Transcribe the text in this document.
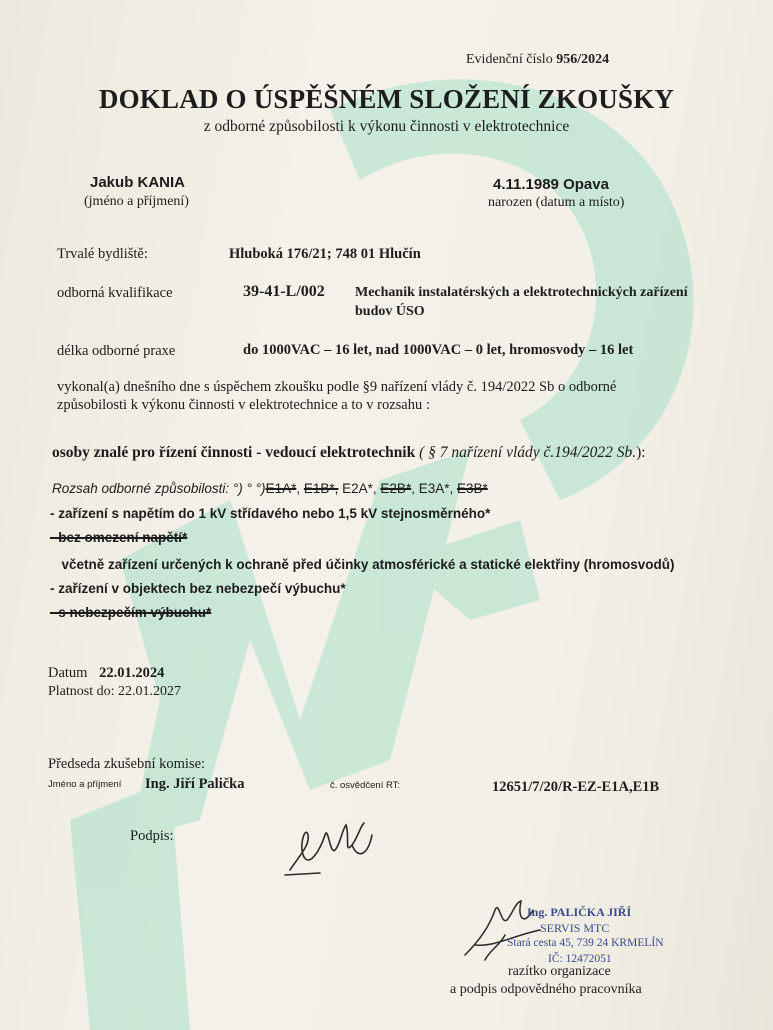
Evidenční číslo 956/2024
DOKLAD O ÚSPĚŠNÉM SLOŽENÍ ZKOUŠKY
z odborné způsobilosti k výkonu činnosti v elektrotechnice
Jakub KANIA
(jméno a příjmení)
4.11.1989 Opava
narozen (datum a místo)
Trvalé bydliště:	Hluboká 176/21; 748 01 Hlučín
odborná kvalifikace	39-41-L/002 Mechanik instalatérských a elektrotechnických zařízení
budov ÚSO
délka odborné praxe	do 1000VAC – 16 let, nad 1000VAC – 0 let, hromosvody – 16 let
vykonal(a) dnešního dne s úspěchem zkoušku podle §9 nařízení vlády č. 194/2022 Sb o odborné
způsobilosti k výkonu činnosti v elektrotechnice a to v rozsahu :
osoby znalé pro řízení činnosti - vedoucí elektrotechnik ( § 7 nařízení vlády č.194/2022 Sb.):
Rozsah odborné způsobilosti: °) ° °)E1A*, E1B*, E2A*, E2B*, E3A*, E3B*
- zařízení s napětím do 1 kV střídavého nebo 1,5 kV stejnosměrného*
- bez omezení napětí*
včetně zařízení určených k ochraně před účinky atmosférické a statické elektřiny (hromosvodů)
- zařízení v objektech bez nebezpečí výbuchu*
- s nebezpečím výbuchu*
Datum 22.01.2024
Platnost do: 22.01.2027
Předseda zkušební komise:
Jméno a příjmení Ing. Jiří Palička	č. osvědčení RT:	12651/7/20/R-EZ-E1A,E1B
Podpis:
Ing. PALIČKA JIŘÍ
SERVIS MTC
Stará cesta 45, 739 24 KRMELÍN
IČ: 12472051
razítko organizace
a podpis odpovědného pracovníka
